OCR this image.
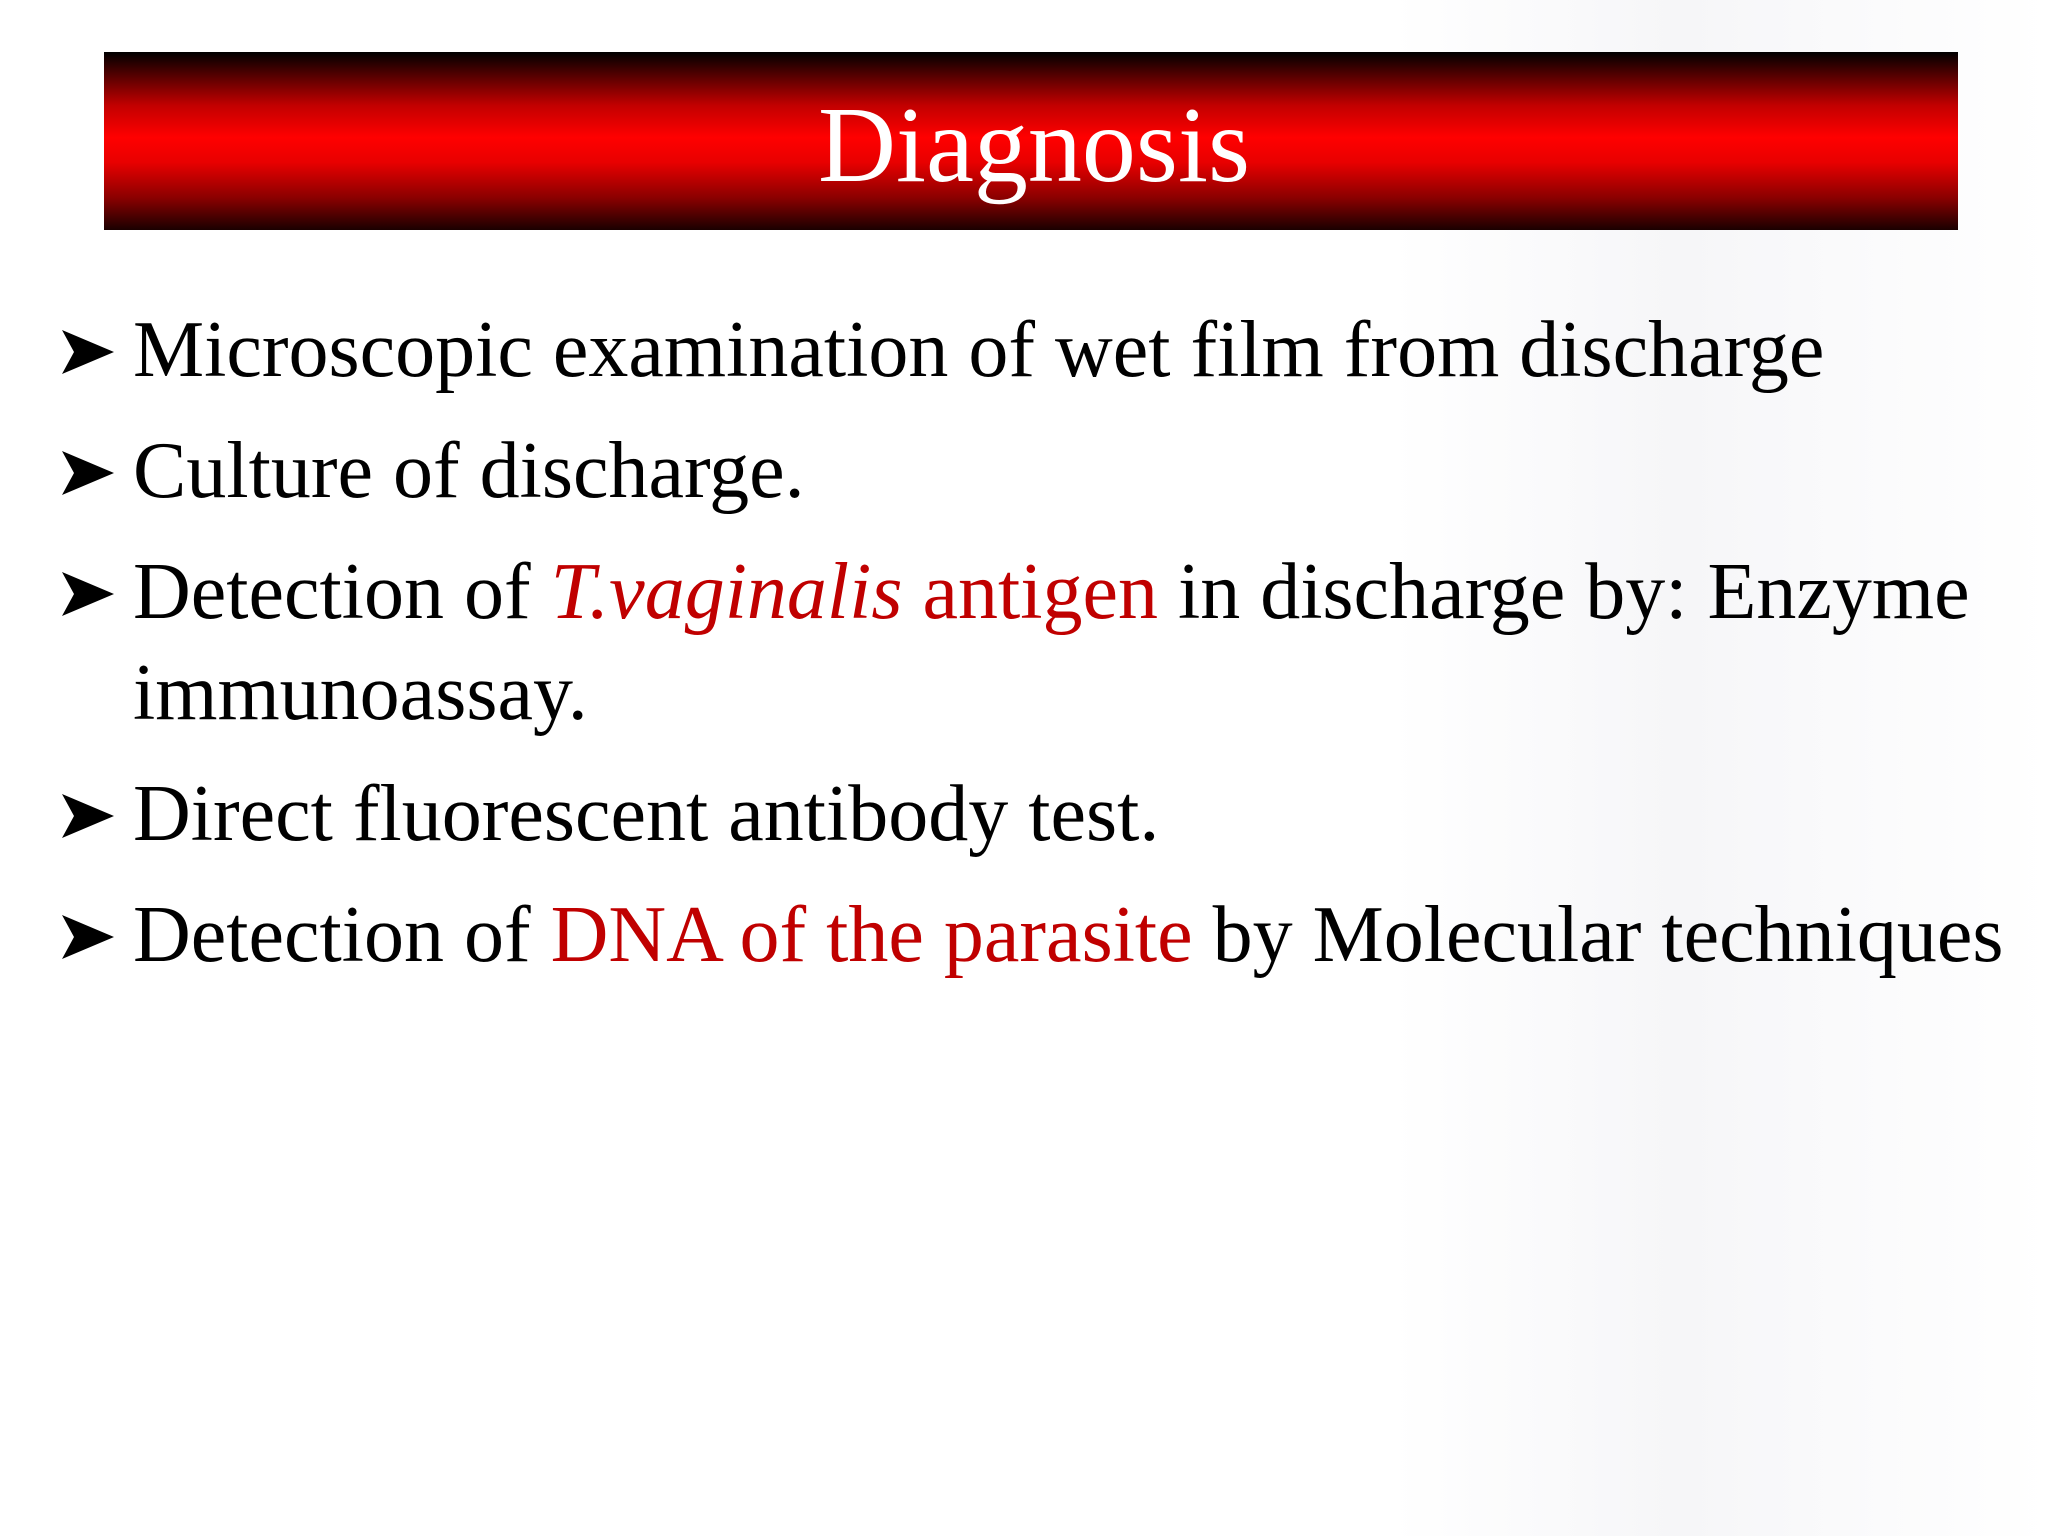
Diagnosis
Microscopic examination of wet film from discharge
Culture of discharge.
Detection of T.vaginalis antigen in discharge by: Enzyme immunoassay.
Direct fluorescent antibody test.
Detection of DNA of the parasite by Molecular techniques
